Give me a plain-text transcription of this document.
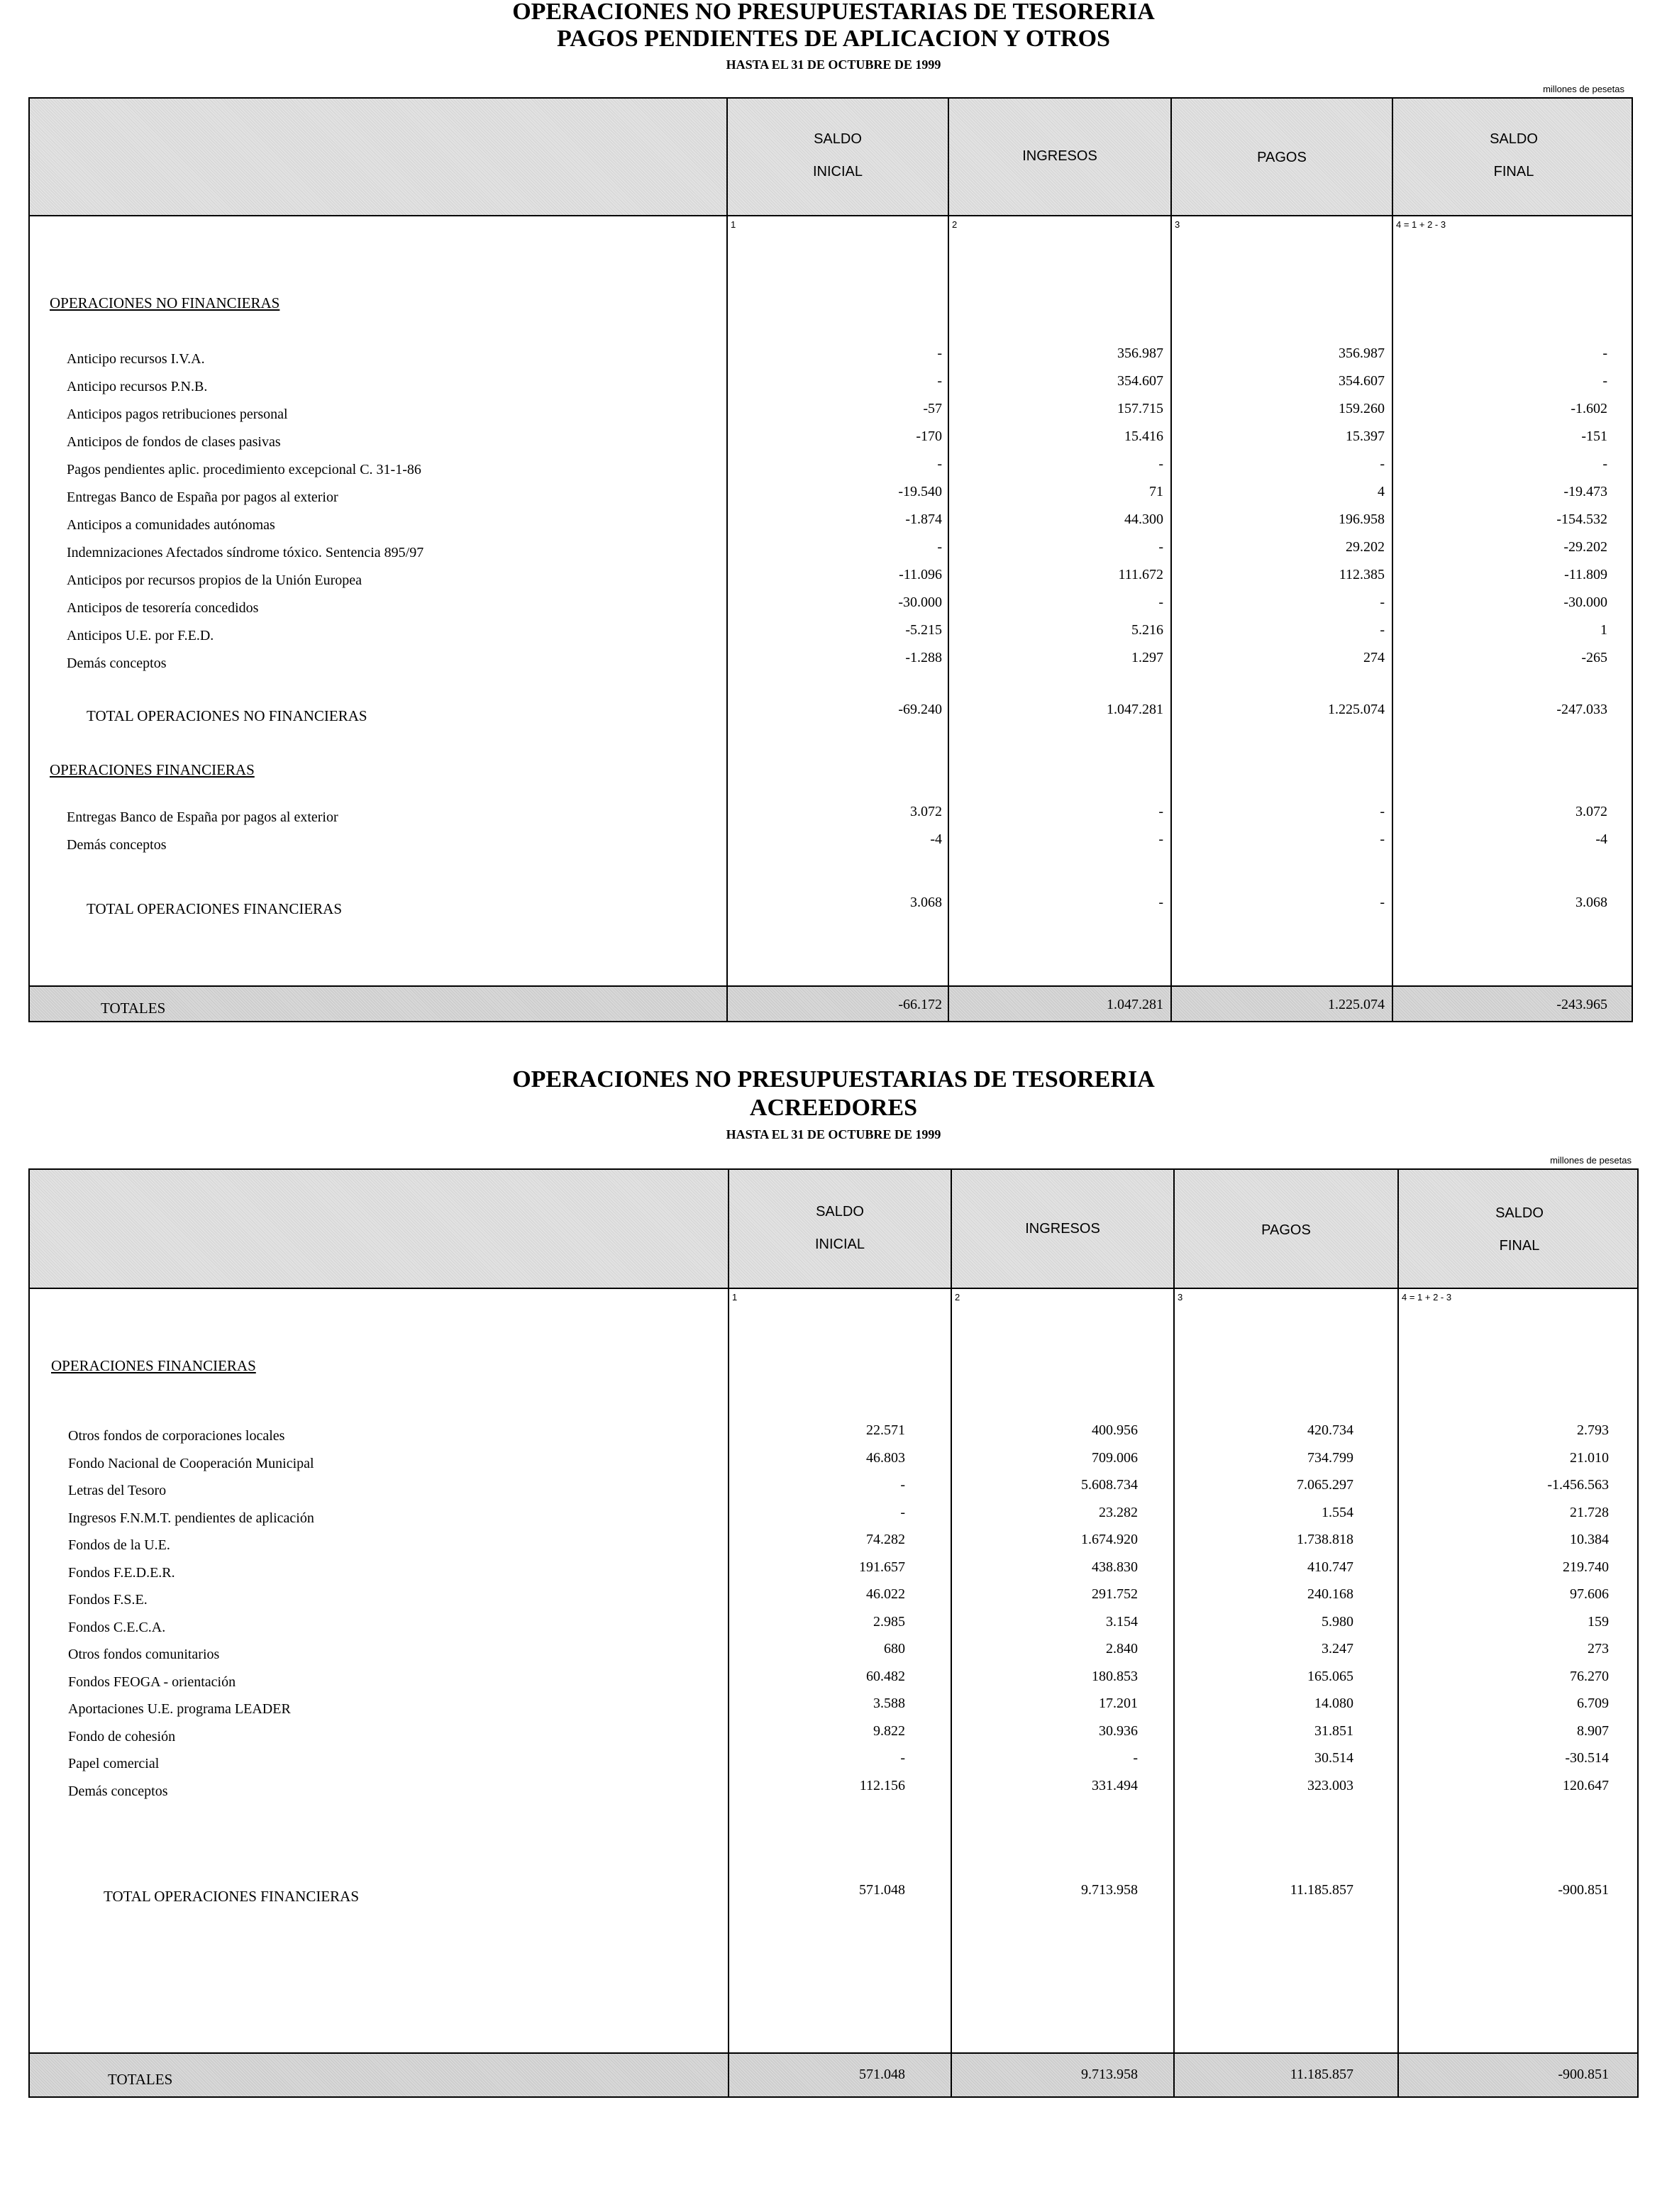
OPERACIONES NO PRESUPUESTARIAS DE TESORERIA
PAGOS PENDIENTES DE APLICACION Y OTROS
HASTA EL 31 DE OCTUBRE DE 1999
millones de pesetas
SALDO
INICIAL
INGRESOS	PAGOS
SALDO
FINAL
1	2	3	4 = 1 + 2 - 3
OPERACIONES NO FINANCIERAS
Anticipo recursos I.V.A.	-	356.987	356.987	-
Anticipo recursos P.N.B.	-	354.607	354.607	-
Anticipos pagos retribuciones personal	-57	157.715	159.260	-1.602
Anticipos de fondos de clases pasivas	-170	15.416	15.397	-151
Pagos pendientes aplic. procedimiento excepcional C. 31-1-86	-	-	-	-
Entregas Banco de España por pagos al exterior	-19.540	71	4	-19.473
Anticipos a comunidades autónomas	-1.874	44.300	196.958	-154.532
Indemnizaciones Afectados síndrome tóxico. Sentencia 895/97	-	-	29.202	-29.202
Anticipos por recursos propios de la Unión Europea	-11.096	111.672	112.385	-11.809
Anticipos de tesorería concedidos	-30.000	-	-	-30.000
Anticipos U.E. por F.E.D.	-5.215	5.216	-	1
Demás conceptos	-1.288	1.297	274	-265
TOTAL OPERACIONES NO FINANCIERAS	-69.240	1.047.281	1.225.074	-247.033
OPERACIONES FINANCIERAS
Entregas Banco de España por pagos al exterior	3.072	-	-	3.072
Demás conceptos	-4	-	-	-4
TOTAL OPERACIONES FINANCIERAS	3.068	-	-	3.068
TOTALES	-66.172	1.047.281	1.225.074	-243.965
OPERACIONES NO PRESUPUESTARIAS DE TESORERIA
ACREEDORES
HASTA EL 31 DE OCTUBRE DE 1999
millones de pesetas
SALDO
INICIAL
INGRESOS	PAGOS
SALDO
FINAL
1	2	3	4 = 1 + 2 - 3
OPERACIONES FINANCIERAS
Otros fondos de corporaciones locales	22.571	400.956	420.734	2.793
Fondo Nacional de Cooperación Municipal	46.803	709.006	734.799	21.010
Letras del Tesoro	-	5.608.734	7.065.297	-1.456.563
Ingresos F.N.M.T. pendientes de aplicación	-	23.282	1.554	21.728
Fondos de la U.E.	74.282	1.674.920	1.738.818	10.384
Fondos F.E.D.E.R.	191.657	438.830	410.747	219.740
Fondos F.S.E.	46.022	291.752	240.168	97.606
Fondos C.E.C.A.	2.985	3.154	5.980	159
Otros fondos comunitarios	680	2.840	3.247	273
Fondos FEOGA - orientación	60.482	180.853	165.065	76.270
Aportaciones U.E. programa LEADER	3.588	17.201	14.080	6.709
Fondo de cohesión	9.822	30.936	31.851	8.907
Papel comercial	-	-	30.514	-30.514
Demás conceptos	112.156	331.494	323.003	120.647
TOTAL OPERACIONES FINANCIERAS	571.048	9.713.958	11.185.857	-900.851
TOTALES	571.048	9.713.958	11.185.857	-900.851
